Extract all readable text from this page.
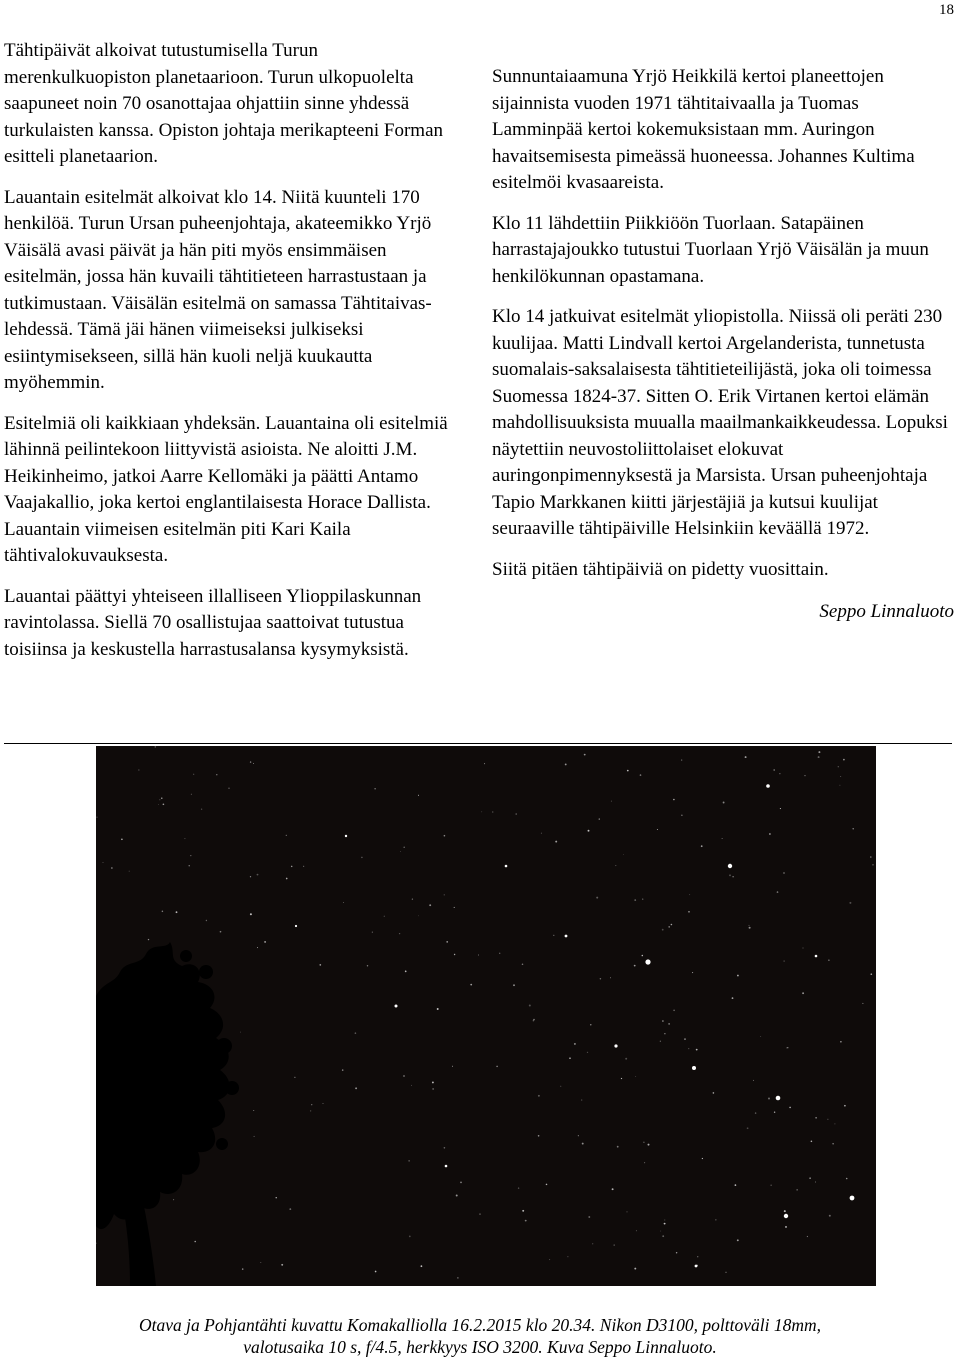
18

Tähtipäivät alkoivat tutustumisella Turun merenkulkuopiston planetaarioon. Turun ulkopuolelta saapuneet noin 70 osanottajaa ohjattiin sinne yhdessä turkulaisten kanssa. Opiston johtaja merikapteeni Forman esitteli planetaarion.

Lauantain esitelmät alkoivat klo 14. Niitä kuunteli 170 henkilöä. Turun Ursan puheenjohtaja, akateemikko Yrjö Väisälä avasi päivät ja hän piti myös ensimmäisen esitelmän, jossa hän kuvaili tähtitieteen harrastustaan ja tutkimustaan. Väisälän esitelmä on samassa Tähtitaivas-lehdessä. Tämä jäi hänen viimeiseksi julkiseksi esiintymisekseen, sillä hän kuoli neljä kuukautta myöhemmin.

Esitelmiä oli kaikkiaan yhdeksän. Lauantaina oli esitelmiä lähinnä peilintekoon liittyvistä asioista. Ne aloitti J.M. Heikinheimo, jatkoi Aarre Kellomäki ja päätti Antamo Vaajakallio, joka kertoi englantilaisesta Horace Dallista. Lauantain viimeisen esitelmän piti Kari Kaila tähtivalokuvauksesta.

Lauantai päättyi yhteiseen illalliseen Ylioppilaskunnan ravintolassa. Siellä 70 osallistujaa saattoivat tutustua toisiinsa ja keskustella harrastusalansa kysymyksistä.

Sunnuntaiaamuna Yrjö Heikkilä kertoi planeettojen sijainnista vuoden 1971 tähtitaivaalla ja Tuomas Lamminpää kertoi kokemuksistaan mm. Auringon havaitsemisesta pimeässä huoneessa. Johannes Kultima esitelmöi kvasaareista.

Klo 11 lähdettiin Piikkiöön Tuorlaan. Satapäinen harrastajajoukko tutustui Tuorlaan Yrjö Väisälän ja muun henkilökunnan opastamana.

Klo 14 jatkuivat esitelmät yliopistolla. Niissä oli peräti 230 kuulijaa. Matti Lindvall kertoi Argelanderista, tunnetusta suomalais-saksalaisesta tähtitieteilijästä, joka oli toimessa Suomessa 1824-37. Sitten O. Erik Virtanen kertoi elämän mahdollisuuksista muualla maailmankaikkeudessa. Lopuksi näytettiin neuvostoliittolaiset elokuvat auringonpimennyksestä ja Marsista. Ursan puheenjohtaja Tapio Markkanen kiitti järjestäjiä ja kutsui kuulijat seuraaville tähtipäiville Helsinkiin keväällä 1972.

Siitä pitäen tähtipäiviä on pidetty vuosittain.

Seppo Linnaluoto

Otava ja Pohjantähti kuvattu Komakalliolla 16.2.2015 klo 20.34. Nikon D3100, polttoväli 18mm,
valotusaika 10 s, f/4.5, herkkyys ISO 3200. Kuva Seppo Linnaluoto.
